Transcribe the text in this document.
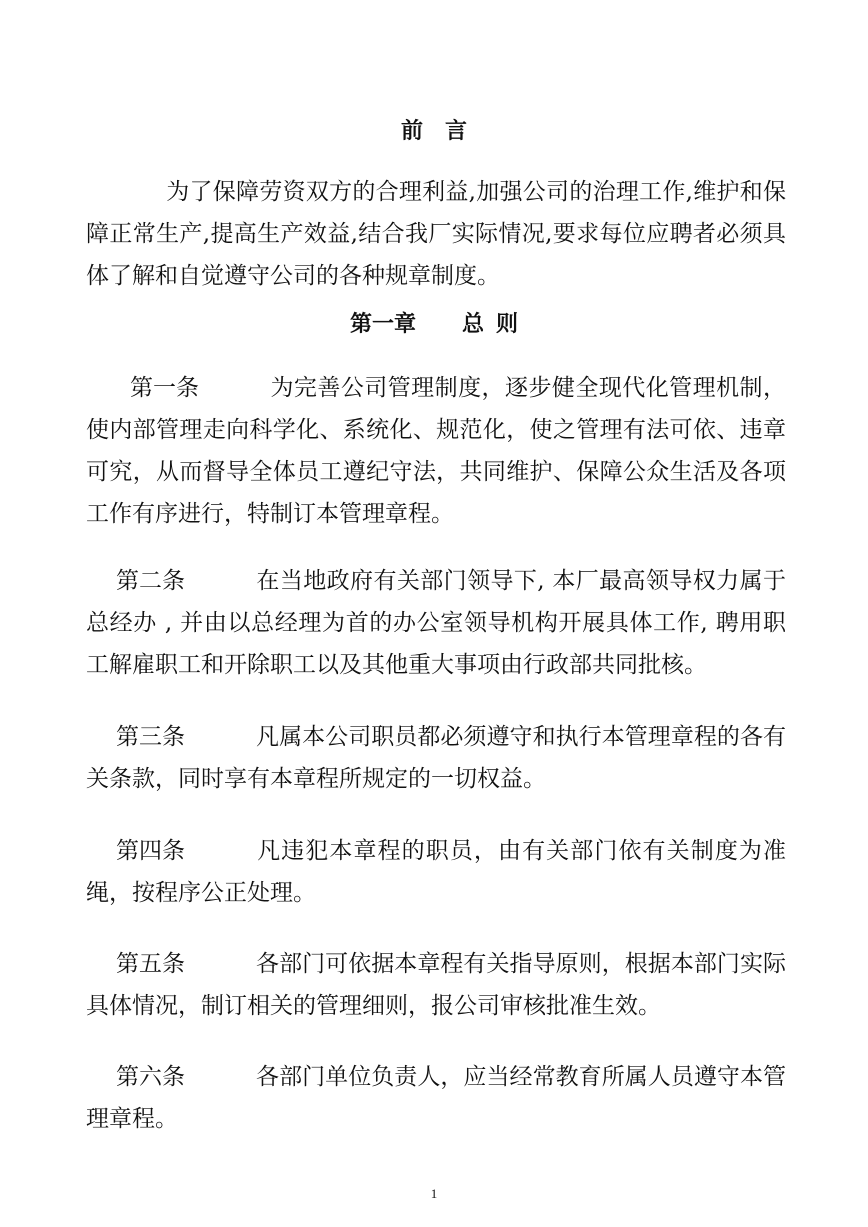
前言

为了保障劳资双方的合理利益,加强公司的治理工作,维护和保障正常生产,提高生产效益,结合我厂实际情况,要求每位应聘者必须具体了解和自觉遵守公司的各种规章制度。

第一章 总 则

第一条	为完善公司管理制度，逐步健全现代化管理机制，使内部管理走向科学化、系统化、规范化，使之管理有法可依、违章可究，从而督导全体员工遵纪守法，共同维护、保障公众生活及各项工作有序进行，特制订本管理章程。

第二条	在当地政府有关部门领导下, 本厂最高领导权力属于总经办 , 并由以总经理为首的办公室领导机构开展具体工作, 聘用职工解雇职工和开除职工以及其他重大事项由行政部共同批核。

第三条	凡属本公司职员都必须遵守和执行本管理章程的各有关条款，同时享有本章程所规定的一切权益。

第四条	凡违犯本章程的职员，由有关部门依有关制度为准绳，按程序公正处理。

第五条	各部门可依据本章程有关指导原则，根据本部门实际具体情况，制订相关的管理细则，报公司审核批准生效。

第六条	各部门单位负责人，应当经常教育所属人员遵守本管理章程。

1
